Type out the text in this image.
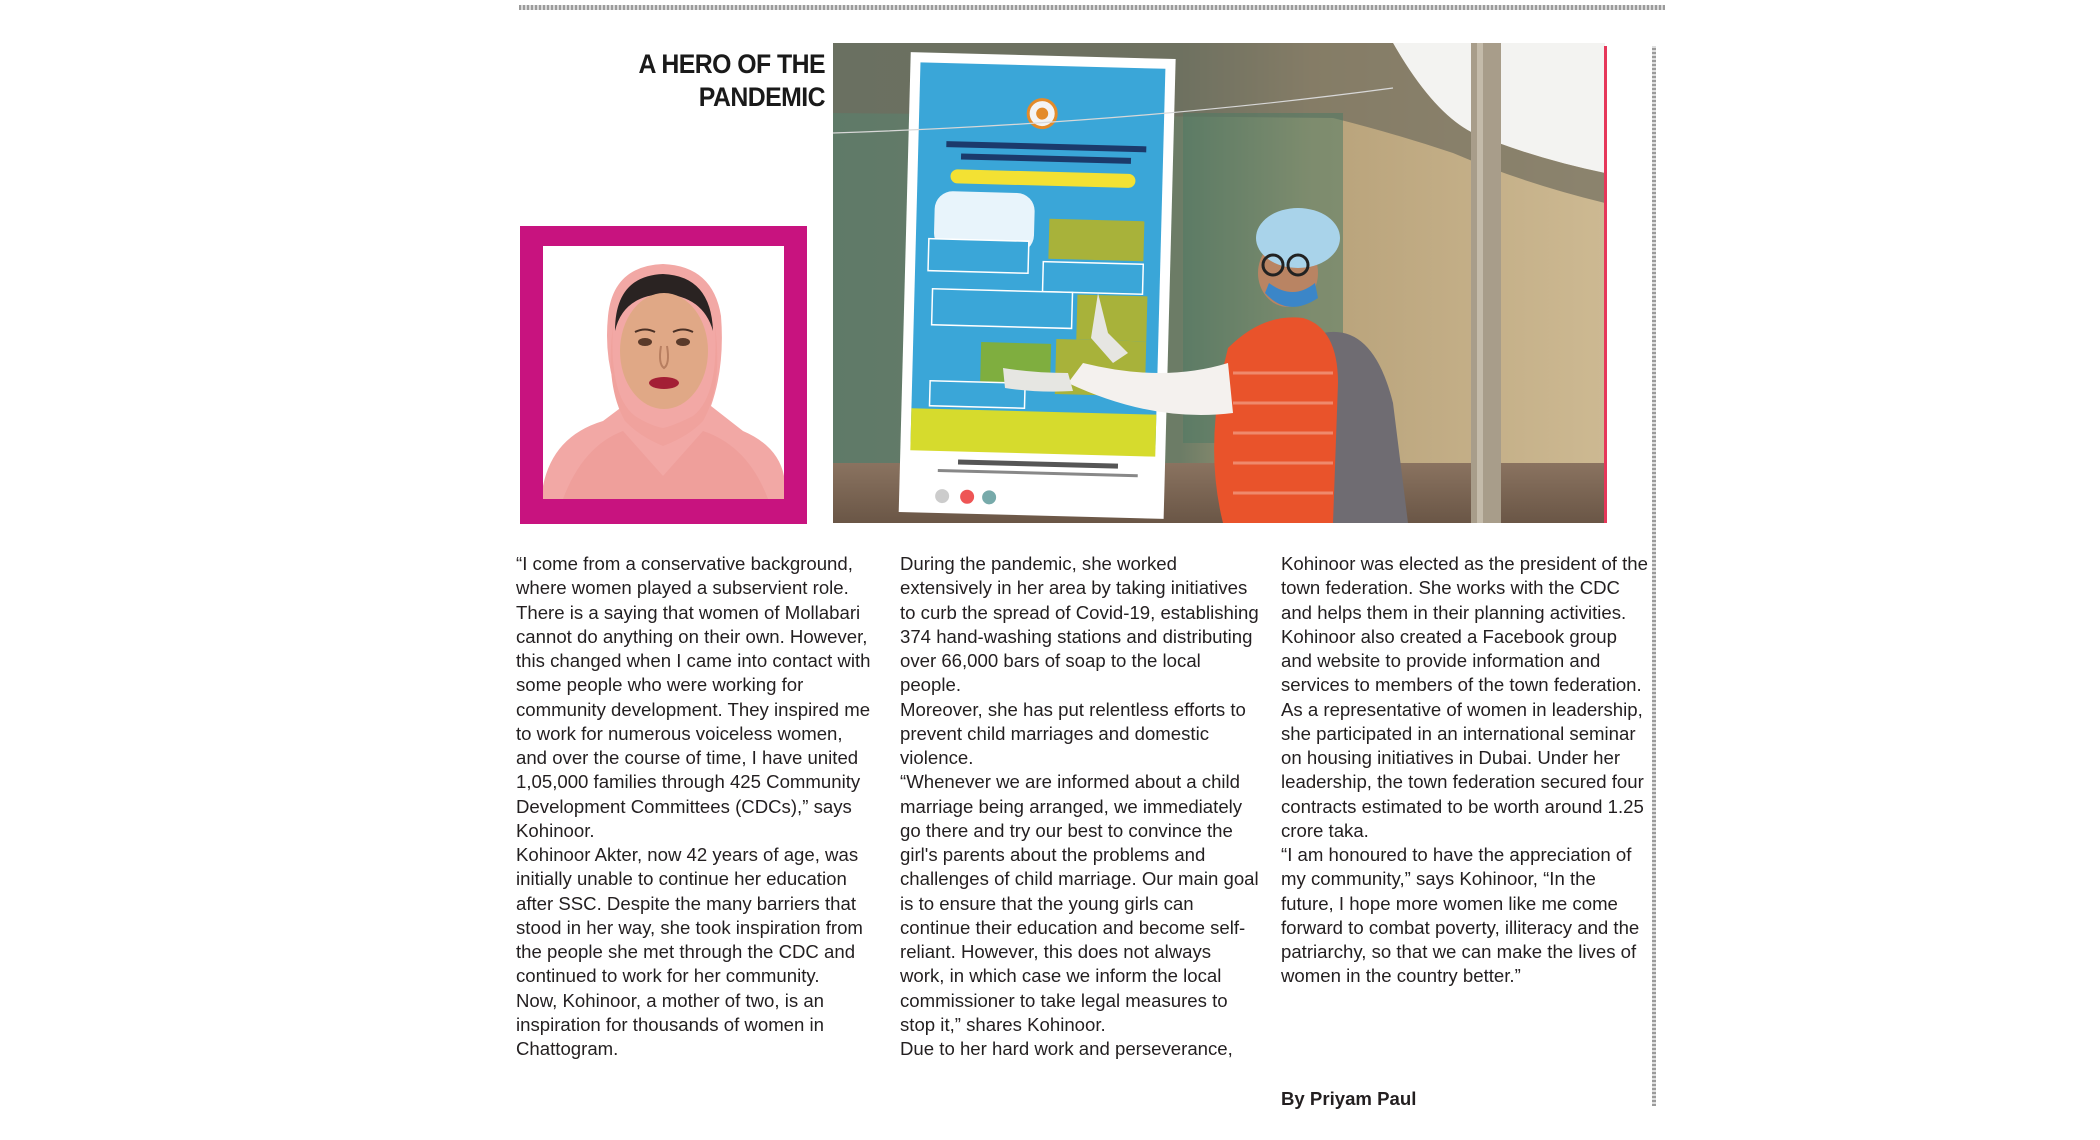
A HERO OF THE
PANDEMIC

“I come from a conservative background, where women played a subservient role. There is a saying that women of Mollabari cannot do anything on their own. However, this changed when I came into contact with some people who were working for community development. They inspired me to work for numerous voiceless women, and over the course of time, I have united 1,05,000 families through 425 Community Development Committees (CDCs),” says Kohinoor.

Kohinoor Akter, now 42 years of age, was initially unable to continue her education after SSC. Despite the many barriers that stood in her way, she took inspiration from the people she met through the CDC and continued to work for her community.

Now, Kohinoor, a mother of two, is an inspiration for thousands of women in Chattogram.

During the pandemic, she worked extensively in her area by taking initiatives to curb the spread of Covid-19, establishing 374 hand-washing stations and distributing over 66,000 bars of soap to the local people.

Moreover, she has put relentless efforts to prevent child marriages and domestic violence.

“Whenever we are informed about a child marriage being arranged, we immediately go there and try our best to convince the girl's parents about the problems and challenges of child marriage. Our main goal is to ensure that the young girls can continue their education and become self-reliant. However, this does not always work, in which case we inform the local commissioner to take legal measures to stop it,” shares Kohinoor.

Due to her hard work and perseverance,

Kohinoor was elected as the president of the town federation. She works with the CDC and helps them in their planning activities. Kohinoor also created a Facebook group and website to provide information and services to members of the town federation.

As a representative of women in leadership, she participated in an international seminar on housing initiatives in Dubai. Under her leadership, the town federation secured four contracts estimated to be worth around 1.25 crore taka.

“I am honoured to have the appreciation of my community,” says Kohinoor, “In the future, I hope more women like me come forward to combat poverty, illiteracy and the patriarchy, so that we can make the lives of women in the country better.”

By Priyam Paul
